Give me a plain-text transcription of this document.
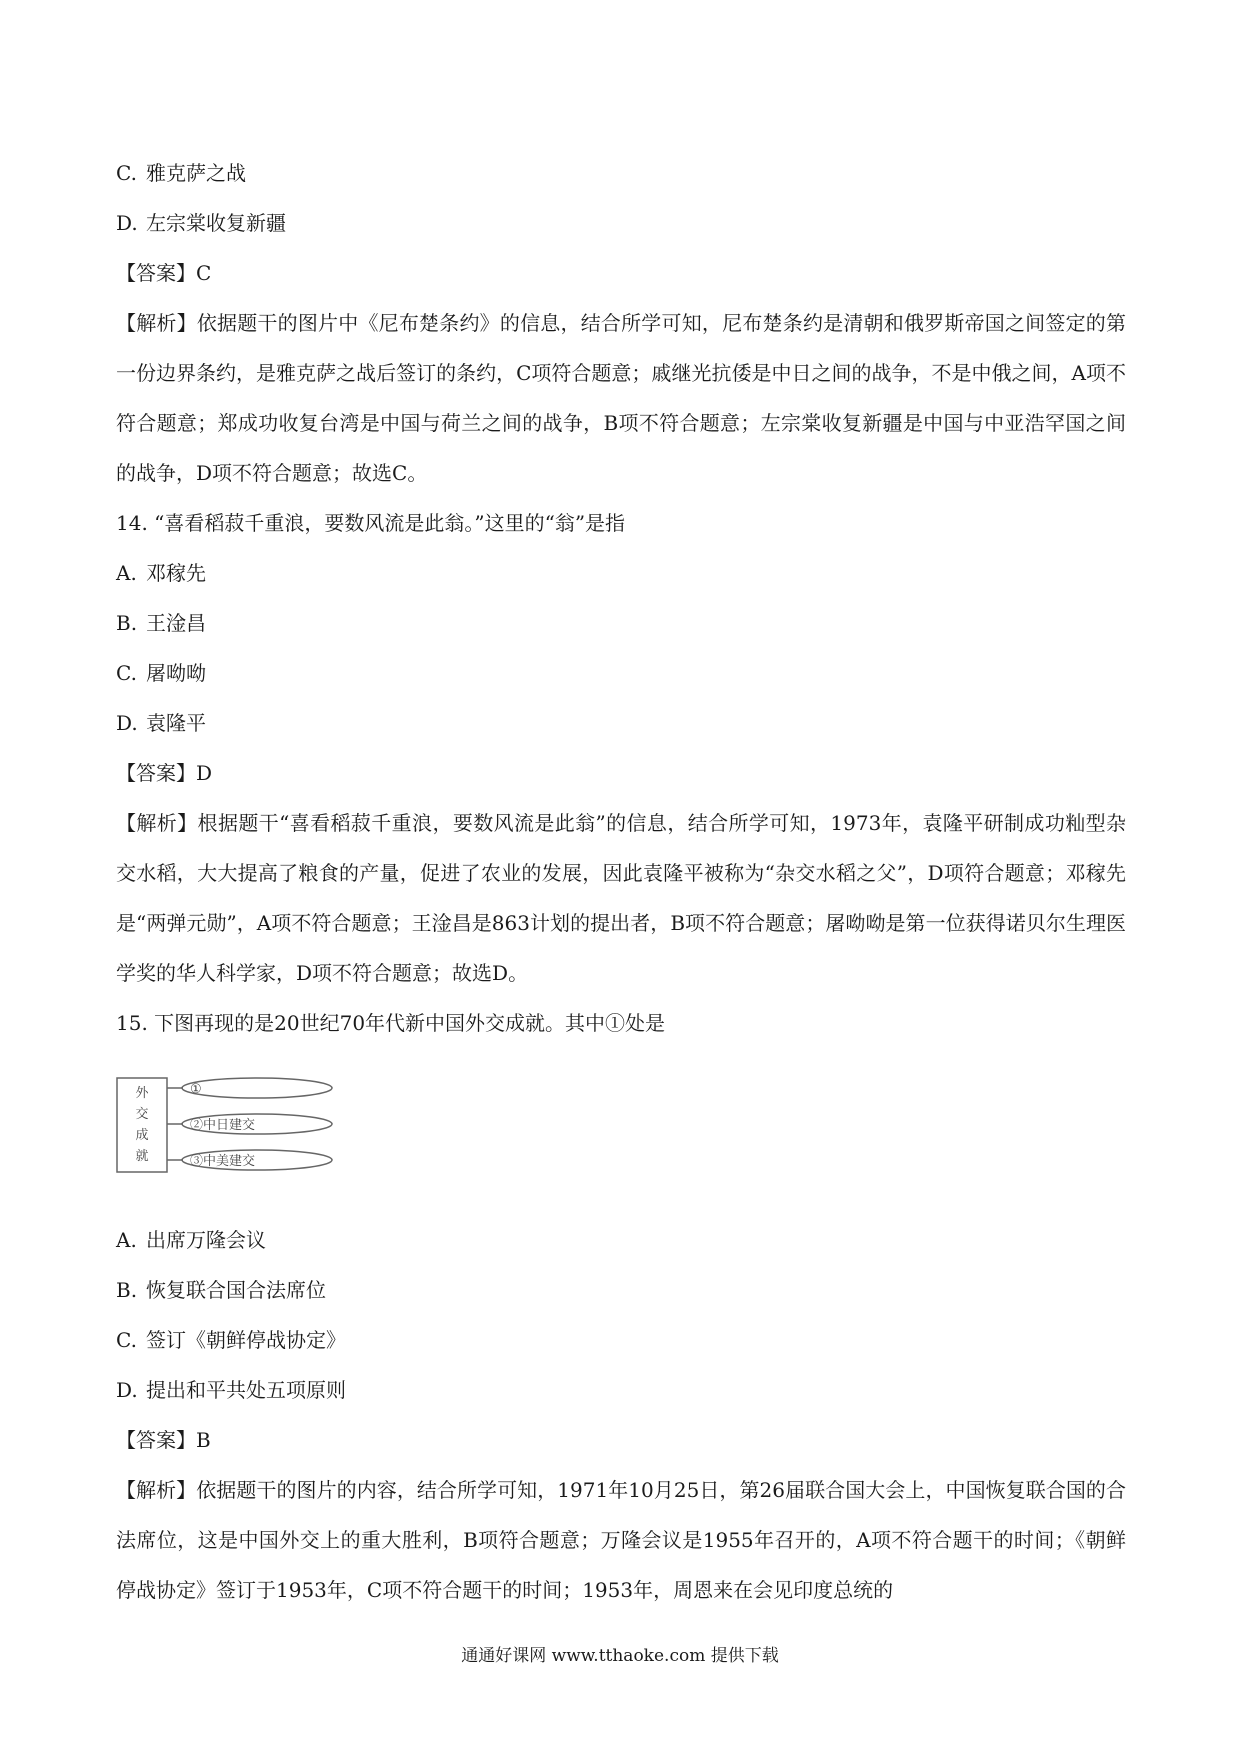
C. 雅克萨之战

D. 左宗棠收复新疆

【答案】C

【解析】依据题干的图片中《尼布楚条约》的信息，结合所学可知，尼布楚条约是清朝和俄罗斯帝国之间签定的第一份边界条约，是雅克萨之战后签订的条约，C项符合题意；戚继光抗倭是中日之间的战争，不是中俄之间，A项不符合题意；郑成功收复台湾是中国与荷兰之间的战争，B项不符合题意；左宗棠收复新疆是中国与中亚浩罕国之间的战争，D项不符合题意；故选C。

14. “喜看稻菽千重浪，要数风流是此翁。”这里的“翁”是指

A. 邓稼先

B. 王淦昌

C. 屠呦呦

D. 袁隆平

【答案】D

【解析】根据题干“喜看稻菽千重浪，要数风流是此翁”的信息，结合所学可知，1973年，袁隆平研制成功籼型杂交水稻，大大提高了粮食的产量，促进了农业的发展，因此袁隆平被称为“杂交水稻之父”，D项符合题意；邓稼先是“两弹元勋”，A项不符合题意；王淦昌是863计划的提出者，B项不符合题意；屠呦呦是第一位获得诺贝尔生理医学奖的华人科学家，D项不符合题意；故选D。

15. 下图再现的是20世纪70年代新中国外交成就。其中①处是

外
交
成
就
①
②中日建交
③中美建交

A. 出席万隆会议

B. 恢复联合国合法席位

C. 签订《朝鲜停战协定》

D. 提出和平共处五项原则

【答案】B

【解析】依据题干的图片的内容，结合所学可知，1971年10月25日，第26届联合国大会上，中国恢复联合国的合法席位，这是中国外交上的重大胜利，B项符合题意；万隆会议是1955年召开的，A项不符合题干的时间；《朝鲜停战协定》签订于1953年，C项不符合题干的时间；1953年，周恩来在会见印度总统的

通通好课网 www.tthaoke.com 提供下载
